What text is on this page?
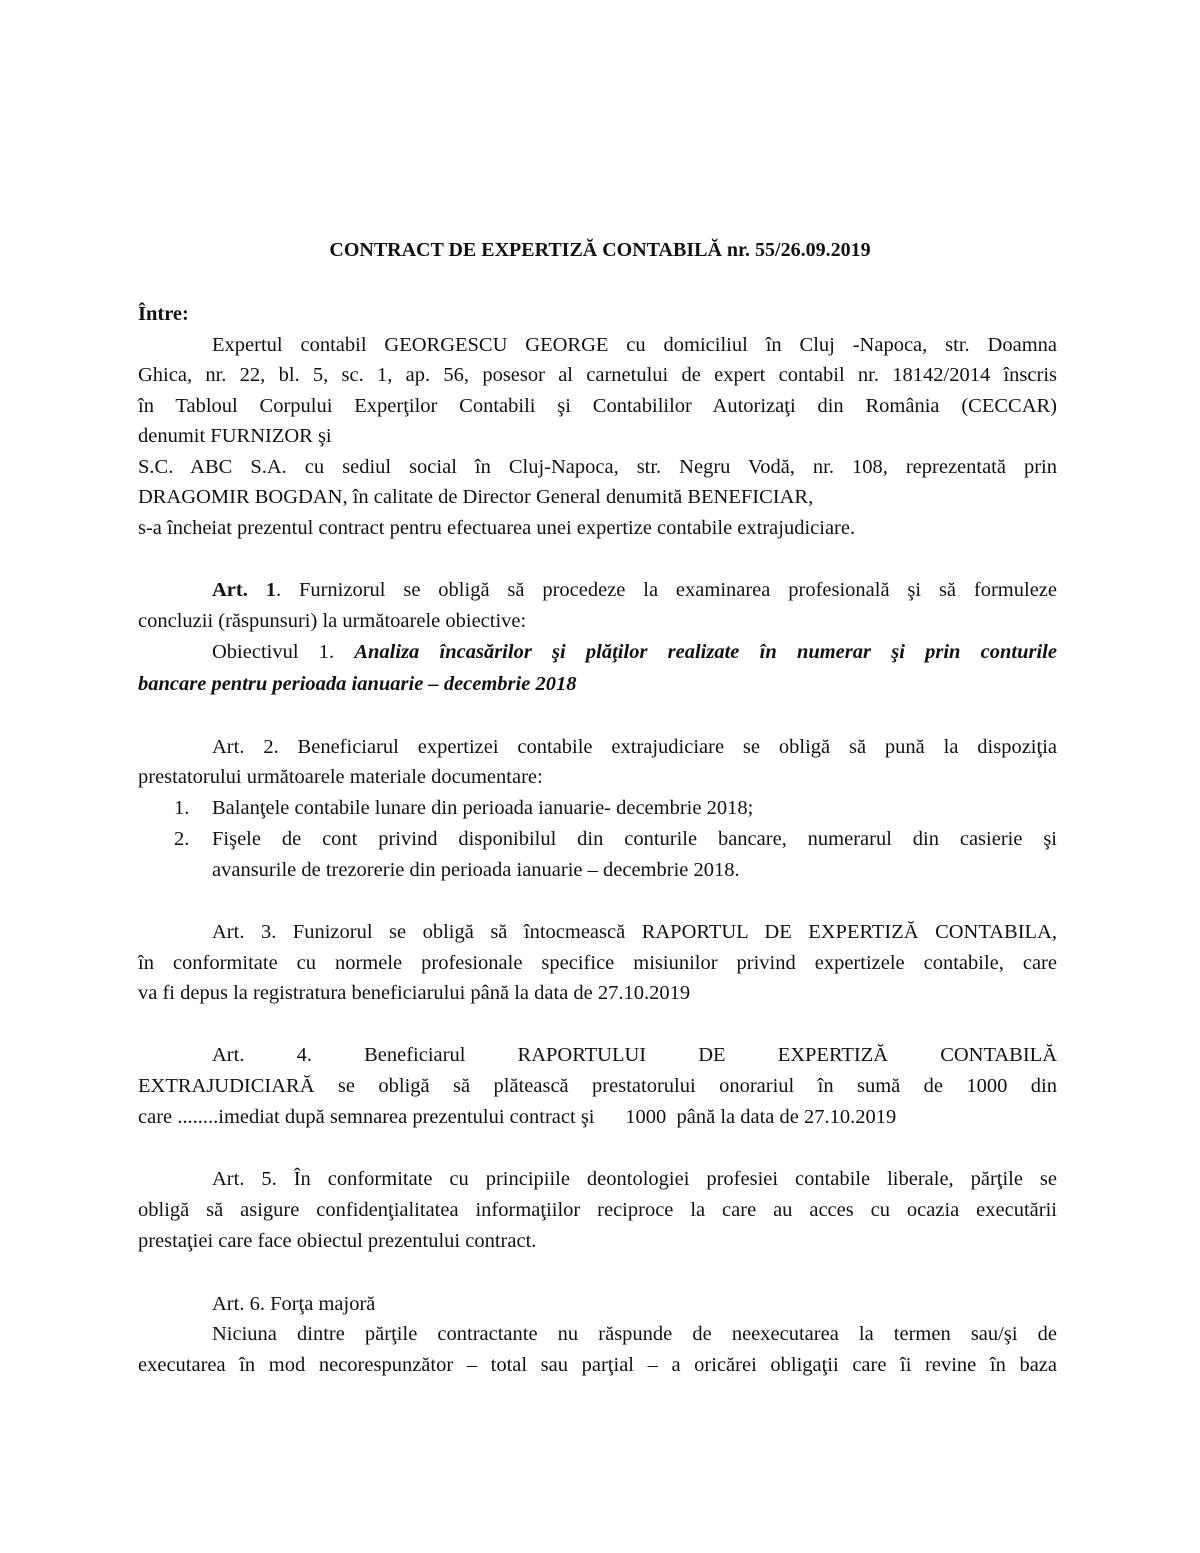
CONTRACT DE EXPERTIZĂ CONTABILĂ nr. 55/26.09.2019
Între:
Expertul contabil GEORGESCU GEORGE cu domiciliul în Cluj -Napoca, str. Doamna
Ghica, nr. 22, bl. 5, sc. 1, ap. 56, posesor al carnetului de expert contabil nr. 18142/2014 înscris
în Tabloul Corpului Experţilor Contabili şi Contabililor Autorizaţi din România (CECCAR)
denumit FURNIZOR şi
S.C. ABC S.A. cu sediul social în Cluj-Napoca, str. Negru Vodă, nr. 108, reprezentată prin
DRAGOMIR BOGDAN, în calitate de Director General denumită BENEFICIAR,
s-a încheiat prezentul contract pentru efectuarea unei expertize contabile extrajudiciare.
Art. 1. Furnizorul se obligă să procedeze la examinarea profesională şi să formuleze
concluzii (răspunsuri) la următoarele obiective:
Obiectivul 1. Analiza încasărilor şi plăţilor realizate în numerar şi prin conturile
bancare pentru perioada ianuarie – decembrie 2018
Art. 2. Beneficiarul expertizei contabile extrajudiciare se obligă să pună la dispoziţia
prestatorului următoarele materiale documentare:
1. Balanţele contabile lunare din perioada ianuarie- decembrie 2018;
2. Fişele de cont privind disponibilul din conturile bancare, numerarul din casierie şi
avansurile de trezorerie din perioada ianuarie – decembrie 2018.
Art. 3. Funizorul se obligă să întocmească RAPORTUL DE EXPERTIZĂ CONTABILA,
în conformitate cu normele profesionale specifice misiunilor privind expertizele contabile, care
va fi depus la registratura beneficiarului până la data de 27.10.2019
Art. 4. Beneficiarul RAPORTULUI DE EXPERTIZĂ CONTABILĂ
EXTRAJUDICIARĂ se obligă să plătească prestatorului onorariul în sumă de 1000 din
care ........imediat după semnarea prezentului contract şi      1000  până la data de 27.10.2019
Art. 5. În conformitate cu principiile deontologiei profesiei contabile liberale, părţile se
obligă să asigure confidenţialitatea informaţiilor reciproce la care au acces cu ocazia executării
prestaţiei care face obiectul prezentului contract.
Art. 6. Forţa majoră
Niciuna dintre părţile contractante nu răspunde de neexecutarea la termen sau/şi de
executarea în mod necorespunzător – total sau parţial – a oricărei obligaţii care îi revine în baza
